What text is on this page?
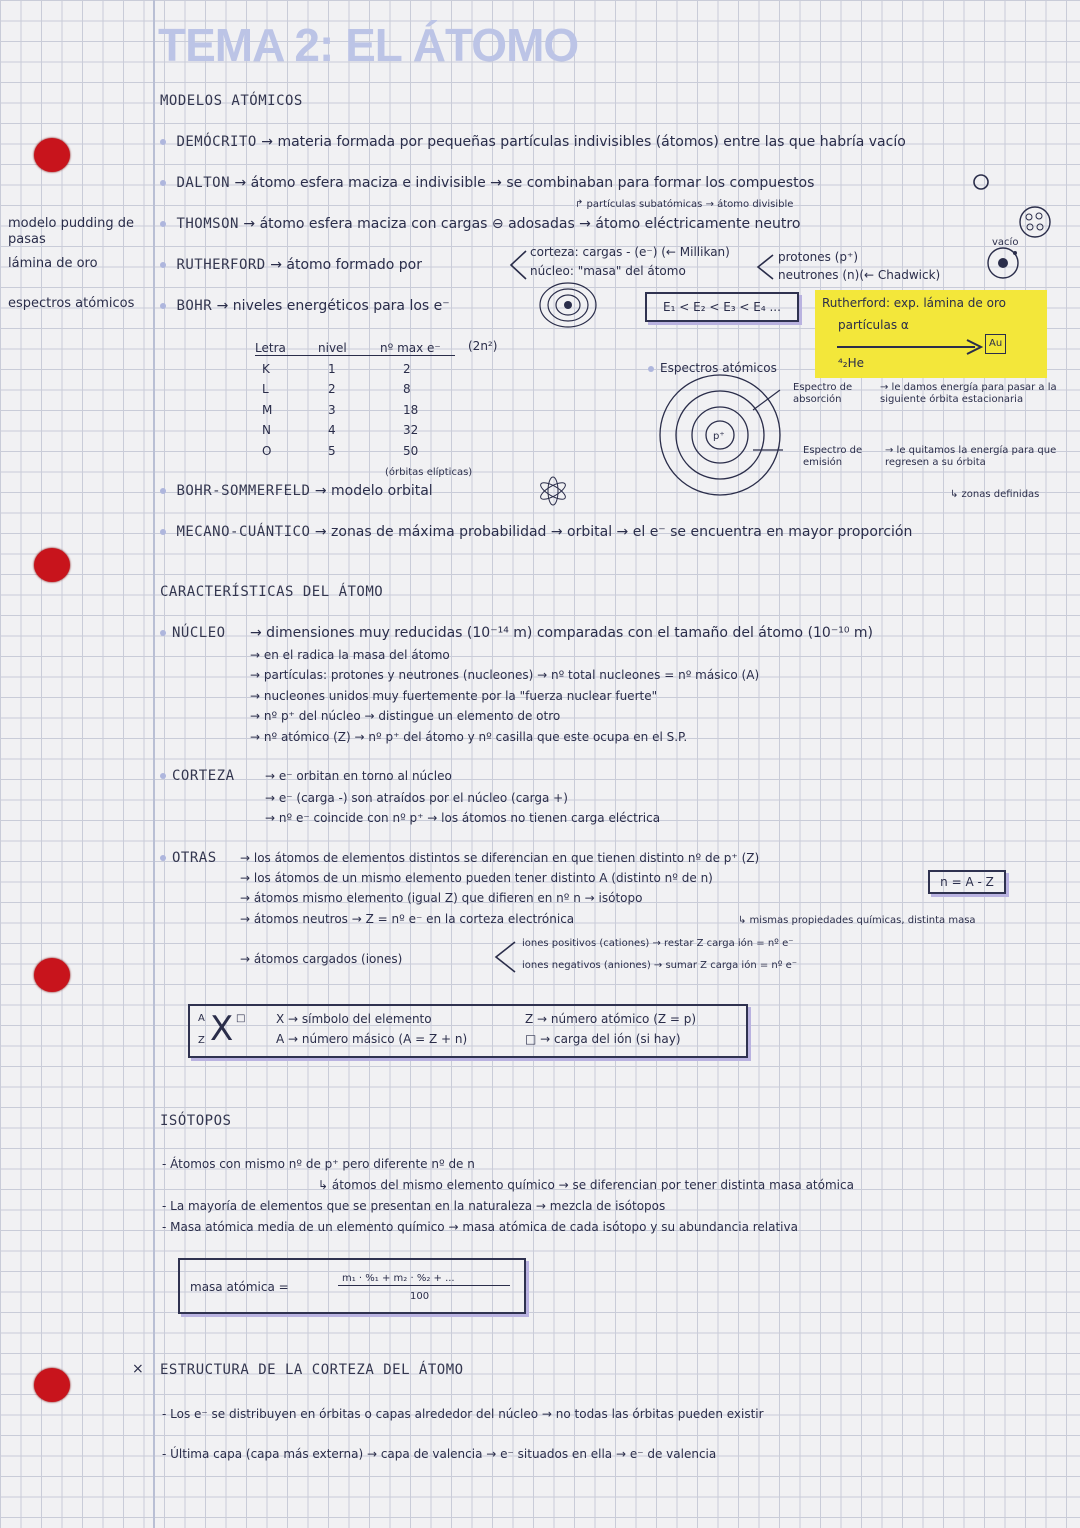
TEMA 2: EL ÁTOMO
modelo pudding de pasas
lámina de oro
espectros atómicos
MODELOS ATÓMICOS
DEMÓCRITO → materia formada por pequeñas partículas indivisibles (átomos) entre las que habría vacío
DALTON → átomo esfera maciza e indivisible → se combinaban para formar los compuestos
↱ partículas subatómicas → átomo divisible
THOMSON → átomo esfera maciza con cargas ⊖ adosadas → átomo eléctricamente neutro
RUTHERFORD → átomo formado por
corteza: cargas - (e⁻) (← Millikan)
núcleo: "masa" del átomo
protones (p⁺)
neutrones (n)(← Chadwick)
vacío
BOHR → niveles energéticos para los e⁻	E₁ < E₂ < E₃ < E₄ ...	Rutherford: exp. lámina de oro
partículas α
Au
⁴₂He
Letra	nivel	nº max e⁻ (2n²)
K	1	2
L	2	8
M	3	18
N	4	32
O	5	50
(órbitas elípticas)
Espectros atómicos
p⁺
Espectro de absorción
→ le damos energía para pasar a la siguiente órbita estacionaria
Espectro de emisión
→ le quitamos la energía para que regresen a su órbita
↳ zonas definidas
BOHR-SOMMERFELD → modelo orbital
MECANO-CUÁNTICO → zonas de máxima probabilidad → orbital → el e⁻ se encuentra en mayor proporción
CARACTERÍSTICAS DEL ÁTOMO
NÚCLEO → dimensiones muy reducidas (10⁻¹⁴ m) comparadas con el tamaño del átomo (10⁻¹⁰ m)
→ en el radica la masa del átomo
→ partículas: protones y neutrones (nucleones) → nº total nucleones = nº másico (A)
→ nucleones unidos muy fuertemente por la "fuerza nuclear fuerte"
→ nº p⁺ del núcleo → distingue un elemento de otro
→ nº atómico (Z) → nº p⁺ del átomo y nº casilla que este ocupa en el S.P.
CORTEZA	→ e⁻ orbitan en torno al núcleo
→ e⁻ (carga -) son atraídos por el núcleo (carga +)
→ nº e⁻ coincide con nº p⁺ → los átomos no tienen carga eléctrica
OTRAS → los átomos de elementos distintos se diferencian en que tienen distinto nº de p⁺ (Z)
→ los átomos de un mismo elemento pueden tener distinto A (distinto nº de n)
→ átomos mismo elemento (igual Z) que difieren en nº n → isótopo
→ átomos neutros → Z = nº e⁻ en la corteza electrónica
n = A - Z
↳ mismas propiedades químicas, distinta masa
→ átomos cargados (iones)
iones positivos (cationes) → restar Z carga ión = nº e⁻
iones negativos (aniones) → sumar Z carga ión = nº e⁻
X
A
Z
□	X → símbolo del elemento
A → número másico (A = Z + n)
Z → número atómico (Z = p)
□ → carga del ión (si hay)
ISÓTOPOS
- Átomos con mismo nº de p⁺ pero diferente nº de n
↳ átomos del mismo elemento químico → se diferencian por tener distinta masa atómica
- La mayoría de elementos que se presentan en la naturaleza → mezcla de isótopos
- Masa atómica media de un elemento químico → masa atómica de cada isótopo y su abundancia relativa
masa atómica =
m₁ · %₁ + m₂ · %₂ + ...
100
× ESTRUCTURA DE LA CORTEZA DEL ÁTOMO
- Los e⁻ se distribuyen en órbitas o capas alrededor del núcleo → no todas las órbitas pueden existir
- Última capa (capa más externa) → capa de valencia → e⁻ situados en ella → e⁻ de valencia
